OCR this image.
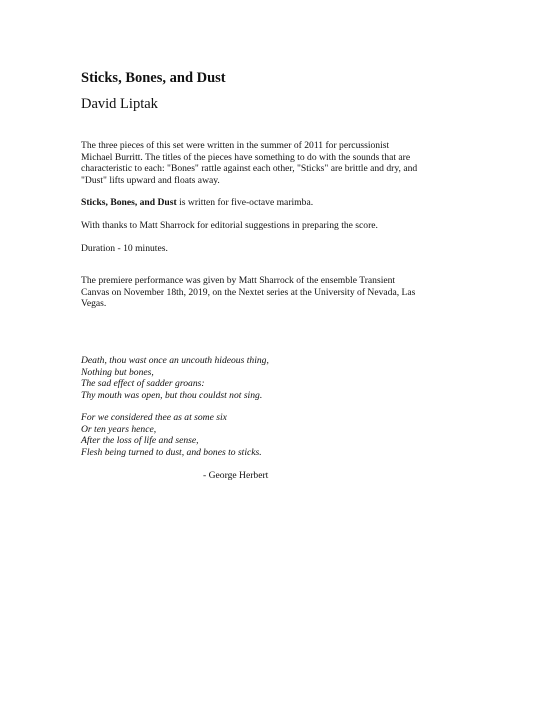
Sticks, Bones, and Dust
David Liptak

The three pieces of this set were written in the summer of 2011 for percussionist Michael Burritt. The titles of the pieces have something to do with the sounds that are characteristic to each: "Bones" rattle against each other, "Sticks" are brittle and dry, and "Dust" lifts upward and floats away.

Sticks, Bones, and Dust is written for five-octave marimba.

With thanks to Matt Sharrock for editorial suggestions in preparing the score.

Duration - 10 minutes.

The premiere performance was given by Matt Sharrock of the ensemble Transient Canvas on November 18th, 2019, on the Nextet series at the University of Nevada, Las Vegas.

Death, thou wast once an uncouth hideous thing,
Nothing but bones,
The sad effect of sadder groans:
Thy mouth was open, but thou couldst not sing.
For we considered thee as at some six
Or ten years hence,
After the loss of life and sense,
Flesh being turned to dust, and bones to sticks.

- George Herbert
